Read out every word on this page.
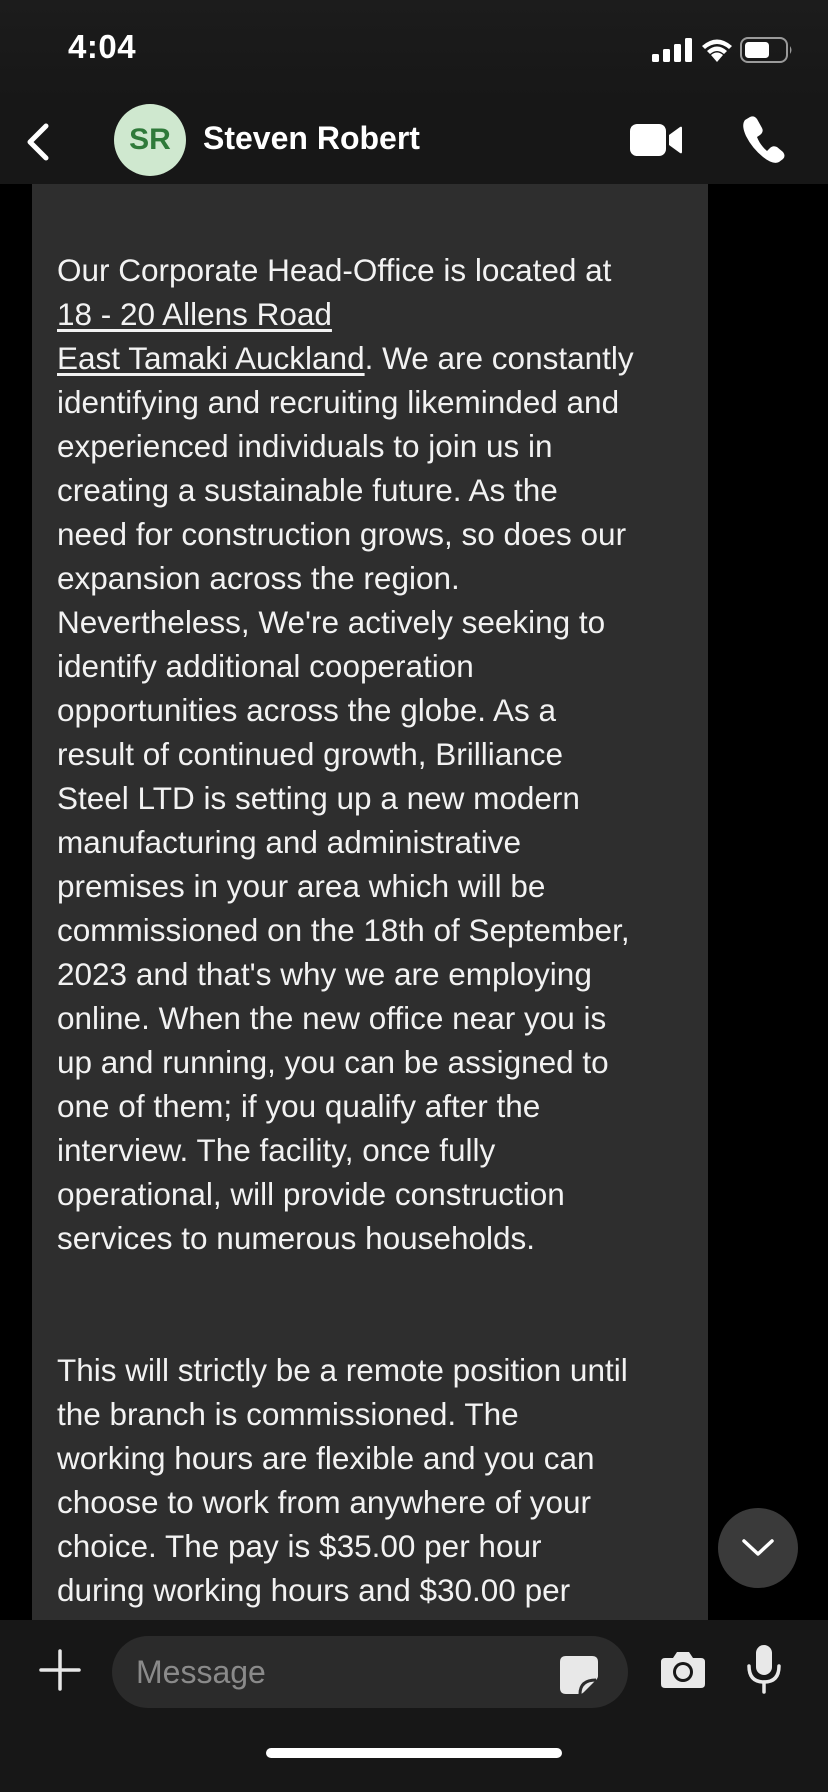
4:04
SR	Steven Robert
Our Corporate Head-Office is located at
18 - 20 Allens Road
East Tamaki Auckland. We are constantly
identifying and recruiting likeminded and
experienced individuals to join us in
creating a sustainable future. As the
need for construction grows, so does our
expansion across the region.
Nevertheless, We're actively seeking to
identify additional cooperation
opportunities across the globe. As a
result of continued growth, Brilliance
Steel LTD is setting up a new modern
manufacturing and administrative
premises in your area which will be
commissioned on the 18th of September,
2023 and that's why we are employing
online. When the new office near you is
up and running, you can be assigned to
one of them; if you qualify after the
interview. The facility, once fully
operational, will provide construction
services to numerous households.
This will strictly be a remote position until
the branch is commissioned. The
working hours are flexible and you can
choose to work from anywhere of your
choice. The pay is $35.00 per hour
during working hours and $30.00 per
Message
